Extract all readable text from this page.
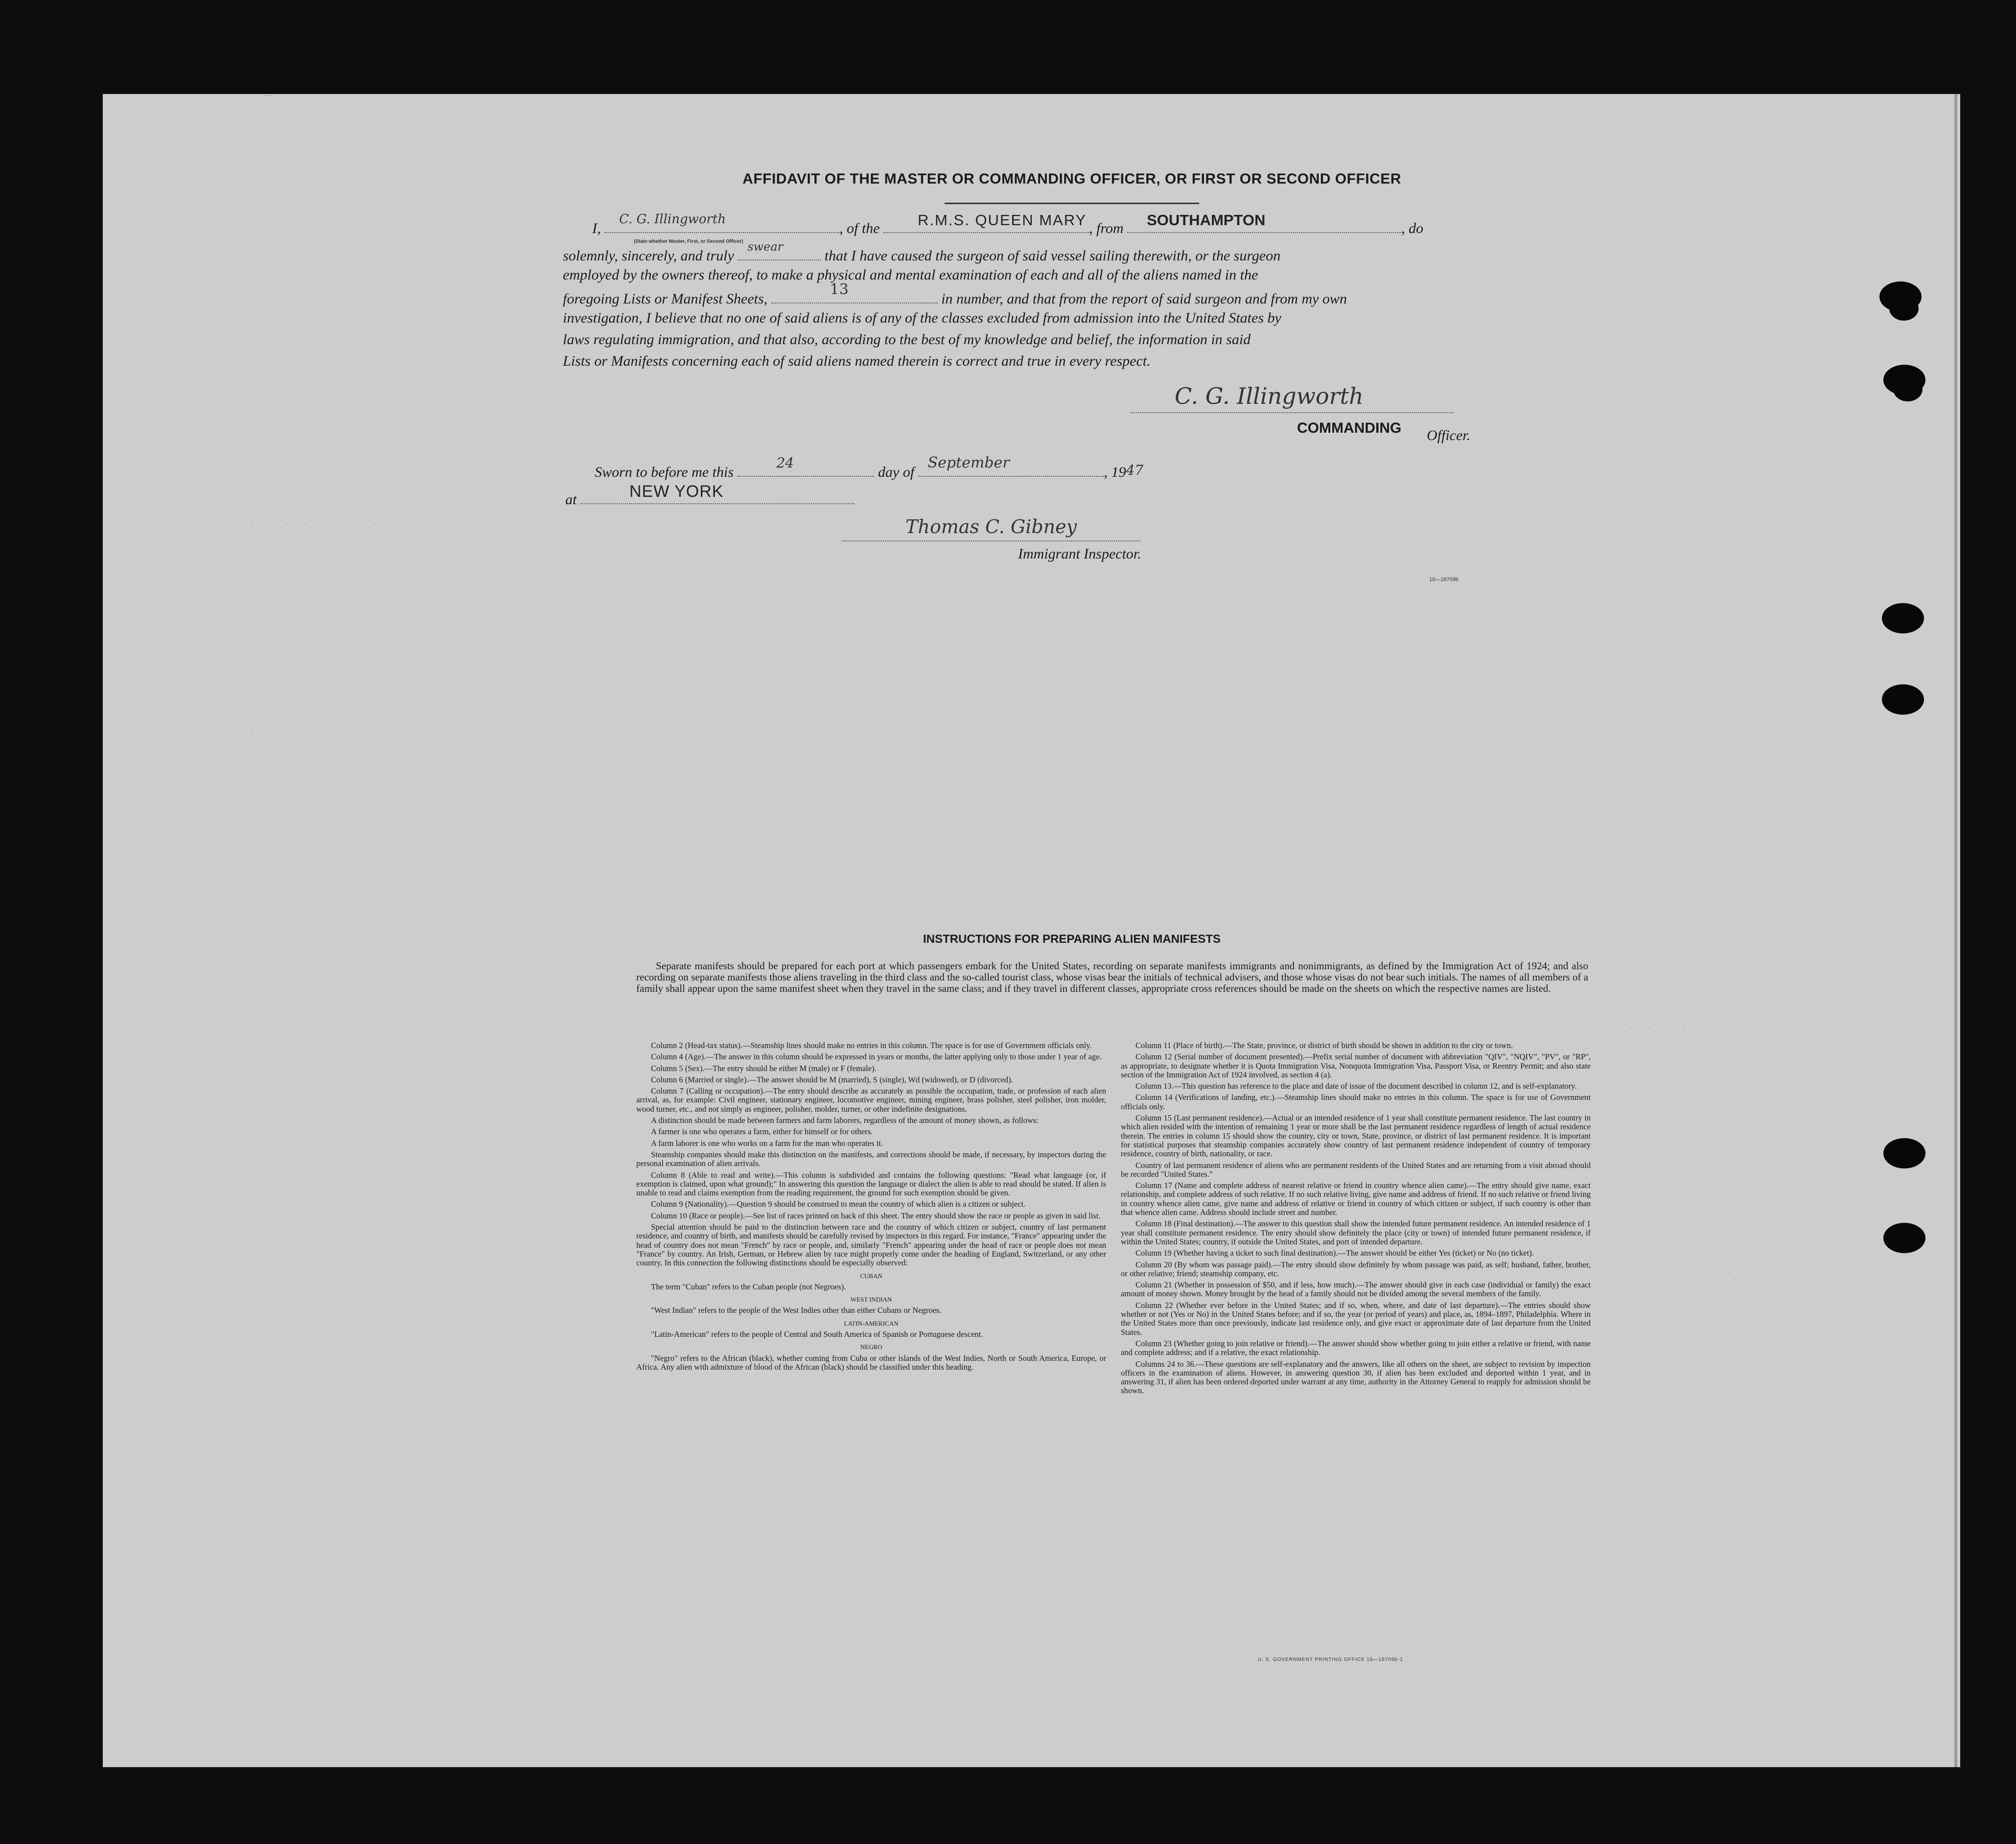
· · · · · · · · · · · · · · ·
· · · · · · · · · · · · · ·
· · · · · · · · · · · · · · · ·
· · · · · · · · · ·
· · · · · · · ·
— ·
AFFIDAVIT OF THE MASTER OR COMMANDING OFFICER, OR FIRST OR SECOND OFFICER
I,
C. G. Illingworth
, of the	R.M.S. QUEEN MARY , from SOUTHAMPTON	, do
(State whether Master, First, or Second Officer)
solemnly, sincerely, and truly
swear
that I have caused the surgeon of said vessel sailing therewith, or the surgeon
employed by the owners thereof, to make a physical and mental examination of each and all of the aliens named in the
foregoing Lists or Manifest Sheets,
13
in number, and that from the report of said surgeon and from my own
investigation, I believe that no one of said aliens is of any of the classes excluded from admission into the United States by
laws regulating immigration, and that also, according to the best of my knowledge and belief, the information in said
Lists or Manifests concerning each of said aliens named therein is correct and true in every respect.
C. G. Illingworth
COMMANDING Officer.
Sworn to before me this
24
day of
September
, 1947
at	NEW YORK
Thomas C. Gibney
Immigrant Inspector.
10—18709b
INSTRUCTIONS FOR PREPARING ALIEN MANIFESTS
Separate manifests should be prepared for each port at which passengers embark for the United States, recording on separate manifests immigrants and nonimmigrants, as defined by the Immigration Act of 1924; and also recording on separate manifests those aliens traveling in the third class and the so-called tourist class, whose visas bear the initials of technical advisers, and those whose visas do not bear such initials. The names of all members of a family shall appear upon the same manifest sheet when they travel in the same class; and if they travel in different classes, appropriate cross references should be made on the sheets on which the respective names are listed.

Column 2 (Head-tax status).—Steamship lines should make no entries in this column. The space is for use of Government officials only.

Column 4 (Age).—The answer in this column should be expressed in years or months, the latter applying only to those under 1 year of age.

Column 5 (Sex).—The entry should be either M (male) or F (female).

Column 6 (Married or single).—The answer should be M (married), S (single), Wd (widowed), or D (divorced).

Column 7 (Calling or occupation).—The entry should describe as accurately as possible the occupation, trade, or profession of each alien arrival, as, for example: Civil engineer, stationary engineer, locomotive engineer, mining engineer, brass polisher, steel polisher, iron molder, wood turner, etc., and not simply as engineer, polisher, molder, turner, or other indefinite designations.

A distinction should be made between farmers and farm laborers, regardless of the amount of money shown, as follows:

A farmer is one who operates a farm, either for himself or for others.

A farm laborer is one who works on a farm for the man who operates it.

Steamship companies should make this distinction on the manifests, and corrections should be made, if necessary, by inspectors during the personal examination of alien arrivals.

Column 8 (Able to read and write).—This column is subdivided and contains the following questions: "Read what language (or, if exemption is claimed, upon what ground);" In answering this question the language or dialect the alien is able to read should be stated. If alien is unable to read and claims exemption from the reading requirement, the ground for such exemption should be given.

Column 9 (Nationality).—Question 9 should be construed to mean the country of which alien is a citizen or subject.

Column 10 (Race or people).—See list of races printed on back of this sheet. The entry should show the race or people as given in said list.

Special attention should be paid to the distinction between race and the country of which citizen or subject, country of last permanent residence, and country of birth, and manifests should be carefully revised by inspectors in this regard. For instance, "France" appearing under the head of country does not mean "French" by race or people, and, similarly "French" appearing under the head of race or people does not mean "France" by country. An Irish, German, or Hebrew alien by race might properly come under the heading of England, Switzerland, or any other country. In this connection the following distinctions should be especially observed:

CUBAN

The term "Cuban" refers to the Cuban people (not Negroes).

WEST INDIAN

"West Indian" refers to the people of the West Indies other than either Cubans or Negroes.

LATIN-AMERICAN

"Latin-American" refers to the people of Central and South America of Spanish or Portuguese descent.

NEGRO

"Negro" refers to the African (black), whether coming from Cuba or other islands of the West Indies, North or South America, Europe, or Africa. Any alien with admixture of blood of the African (black) should be classified under this heading.

Column 11 (Place of birth).—The State, province, or district of birth should be shown in addition to the city or town.

Column 12 (Serial number of document presented).—Prefix serial number of document with abbreviation "QIV", "NQIV", "PV", or "RP", as appropriate, to designate whether it is Quota Immigration Visa, Nonquota Immigration Visa, Passport Visa, or Reentry Permit; and also state section of the Immigration Act of 1924 involved, as section 4 (a).

Column 13.—This question has reference to the place and date of issue of the document described in column 12, and is self-explanatory.

Column 14 (Verifications of landing, etc.).—Steamship lines should make no entries in this column. The space is for use of Government officials only.

Column 15 (Last permanent residence).—Actual or an intended residence of 1 year shall constitute permanent residence. The last country in which alien resided with the intention of remaining 1 year or more shall be the last permanent residence regardless of length of actual residence therein. The entries in column 15 should show the country, city or town, State, province, or district of last permanent residence. It is important for statistical purposes that steamship companies accurately show country of last permanent residence independent of country of temporary residence, country of birth, nationality, or race.

Country of last permanent residence of aliens who are permanent residents of the United States and are returning from a visit abroad should be recorded "United States."

Column 17 (Name and complete address of nearest relative or friend in country whence alien came).—The entry should give name, exact relationship, and complete address of such relative. If no such relative living, give name and address of friend. If no such relative or friend living in country whence alien came, give name and address of relative or friend in country of which citizen or subject, if such country is other than that whence alien came. Address should include street and number.

Column 18 (Final destination).—The answer to this question shall show the intended future permanent residence. An intended residence of 1 year shall constitute permanent residence. The entry should show definitely the place (city or town) of intended future permanent residence, if within the United States; country, if outside the United States, and port of intended departure.

Column 19 (Whether having a ticket to such final destination).—The answer should be either Yes (ticket) or No (no ticket).

Column 20 (By whom was passage paid).—The entry should show definitely by whom passage was paid, as self; husband, father, brother, or other relative; friend; steamship company, etc.

Column 21 (Whether in possession of $50, and if less, how much).—The answer should give in each case (individual or family) the exact amount of money shown. Money brought by the head of a family should not be divided among the several members of the family.

Column 22 (Whether ever before in the United States; and if so, when, where, and date of last departure).—The entries should show whether or not (Yes or No) in the United States before; and if so, the year (or period of years) and place, as, 1894–1897, Philadelphia. Where in the United States more than once previously, indicate last residence only, and give exact or approximate date of last departure from the United States.

Column 23 (Whether going to join relative or friend).—The answer should show whether going to join either a relative or friend, with name and complete address; and if a relative, the exact relationship.

Columns 24 to 36.—These questions are self-explanatory and the answers, like all others on the sheet, are subject to revision by inspection officers in the examination of aliens. However, in answering question 30, if alien has been excluded and deported within 1 year, and in answering 31, if alien has been ordered deported under warrant at any time, authority in the Attorney General to reapply for admission should be shown.

U. S. GOVERNMENT PRINTING OFFICE 16—18709b-1
